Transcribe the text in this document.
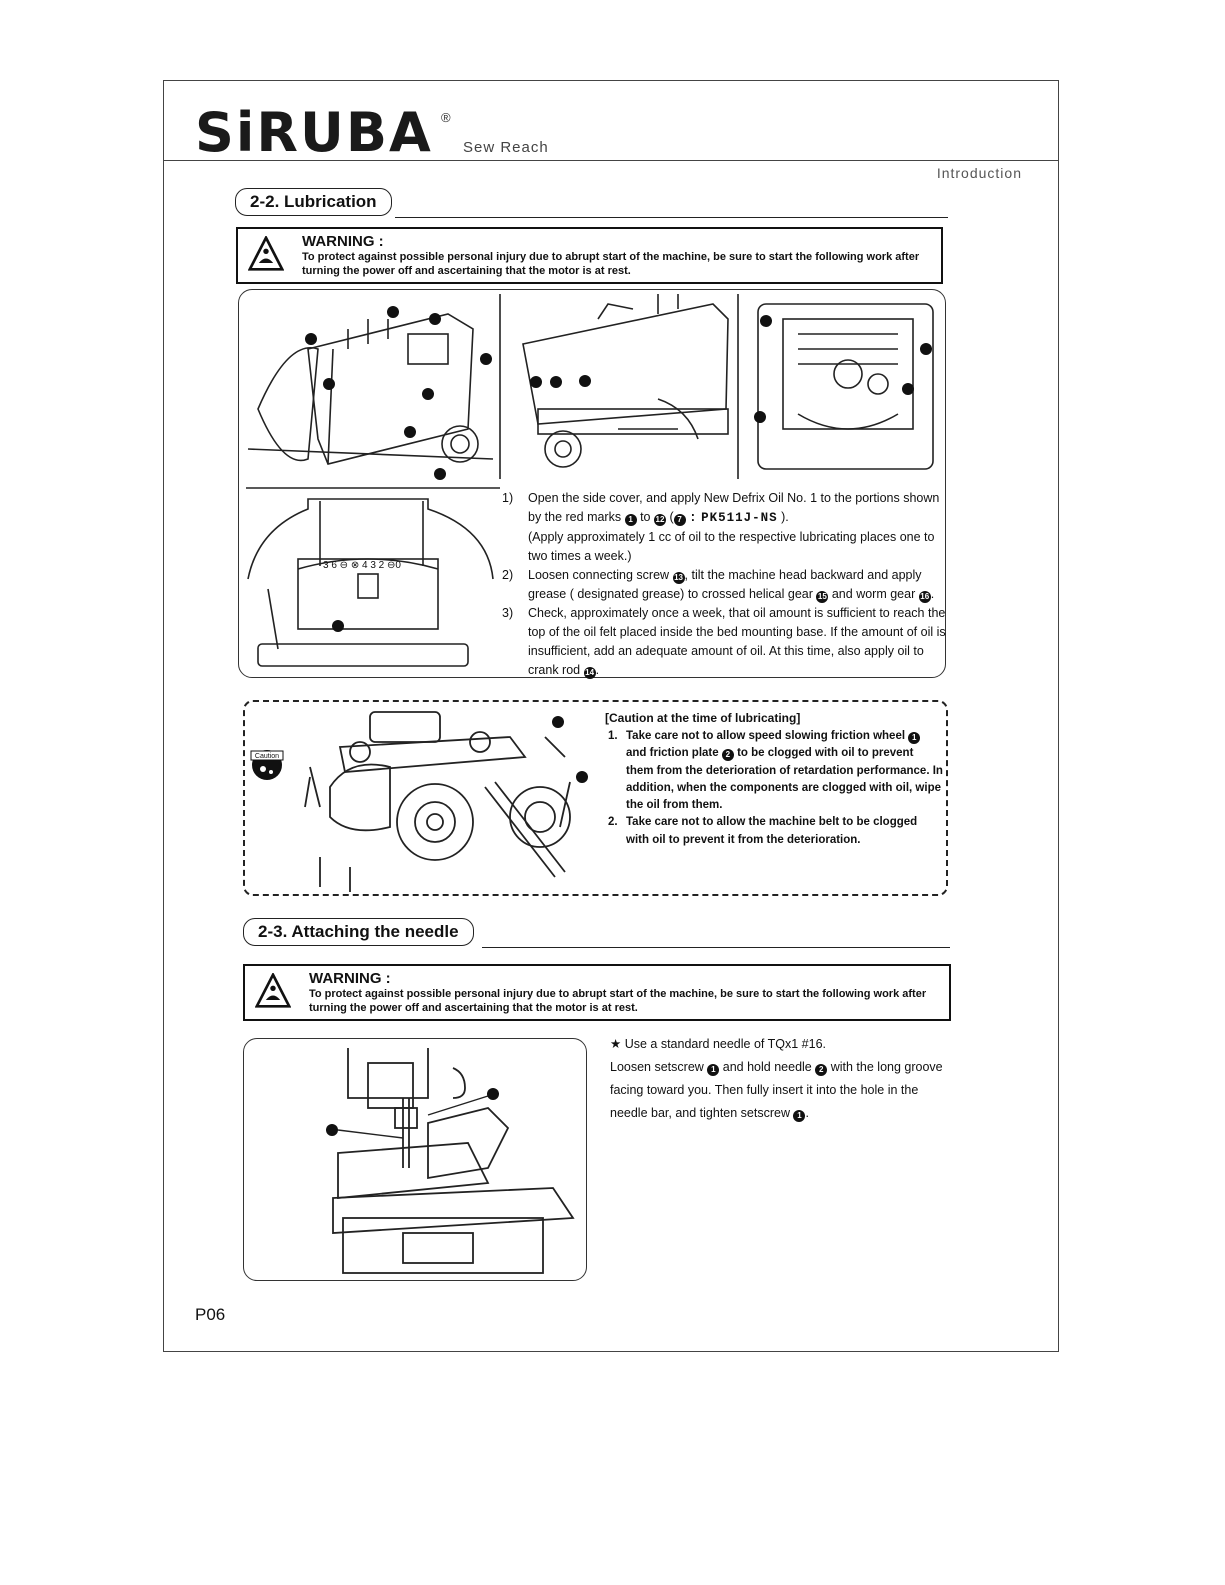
SiRUBA ®
Sew Reach
Introduction
2-2. Lubrication
WARNING :
To protect against possible personal injury due to abrupt start of the machine, be sure to start the following work after turning the power off and ascertaining that the motor is at rest.
3 6 ⊖ ⊗ 4 3 2 ⊖0
1)	Open the side cover, and apply New Defrix Oil No. 1 to the portions shown by the red marks 1 to 12 ( 7 : PK511J-NS ).
(Apply approximately 1 cc of oil to the respective lubricating places one to two times a week.)
2)	Loosen connecting screw 13 , tilt the machine head backward and apply grease ( designated grease) to crossed helical gear 15 and worm gear 16 .
3)	Check, approximately once a week, that oil amount is sufficient to reach the top of the oil felt placed inside the bed mounting base. If the amount of oil is insufficient, add an adequate amount of oil. At this time, also apply oil to crank rod 14 .
Caution
[Caution at the time of lubricating]
1. Take care not to allow speed slowing friction wheel 1 and friction plate 2 to be clogged with oil to prevent them from the deterioration of retardation performance. In addition, when the components are clogged with oil, wipe the oil from them.
2. Take care not to allow the machine belt to be clogged with oil to prevent it from the deterioration.
2-3. Attaching the needle
WARNING :
To protect against possible personal injury due to abrupt start of the machine, be sure to start the following work after turning the power off and ascertaining that the motor is at rest.
★ Use a standard needle of TQx1 #16.
Loosen setscrew 1 and hold needle 2 with the long groove facing toward you. Then fully insert it into the hole in the needle bar, and tighten setscrew 1 .
P06
